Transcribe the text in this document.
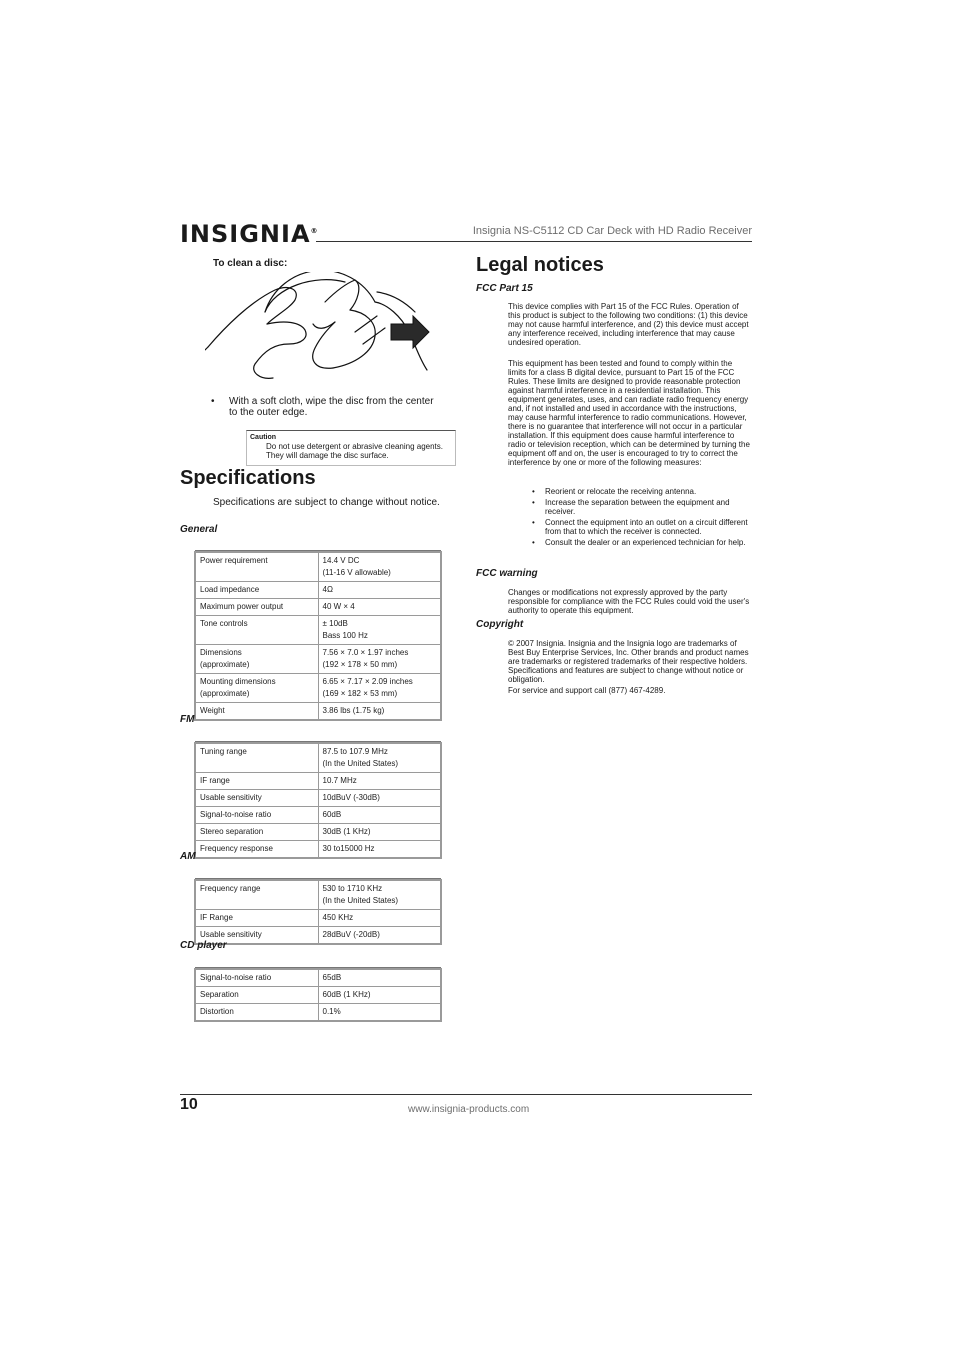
INSIGNIA®	Insignia NS-C5112 CD Car Deck with HD Radio Receiver
To clean a disc:
• With a soft cloth, wipe the disc from the center to the outer edge.
Caution
Do not use detergent or abrasive cleaning agents. They will damage the disc surface.
Specifications
Specifications are subject to change without notice.
General
Power requirement	14.4 V DC
(11-16 V allowable)
Load impedance	4Ω
Maximum power output	40 W × 4
Tone controls	± 10dB
Bass 100 Hz
Dimensions
(approximate)	7.56 × 7.0 × 1.97 inches
(192 × 178 × 50 mm)
Mounting dimensions
(approximate)	6.65 × 7.17 × 2.09 inches
(169 × 182 × 53 mm)
Weight	3.86 lbs (1.75 kg)
FM
Tuning range	87.5 to 107.9 MHz
(In the United States)
IF range	10.7 MHz
Usable sensitivity	10dBuV (-30dB)
Signal-to-noise ratio	60dB
Stereo separation	30dB (1 KHz)
Frequency response	30 to15000 Hz
AM
Frequency range	530 to 1710 KHz
(In the United States)
IF Range	450 KHz
Usable sensitivity	28dBuV (-20dB)
CD player
Signal-to-noise ratio	65dB
Separation	60dB (1 KHz)
Distortion	0.1%
Legal notices
FCC Part 15
This device complies with Part 15 of the FCC Rules. Operation of this product is subject to the following two conditions: (1) this device may not cause harmful interference, and (2) this device must accept any interference received, including interference that may cause undesired operation.
This equipment has been tested and found to comply within the limits for a class B digital device, pursuant to Part 15 of the FCC Rules. These limits are designed to provide reasonable protection against harmful interference in a residential installation. This equipment generates, uses, and can radiate radio frequency energy and, if not installed and used in accordance with the instructions, may cause harmful interference to radio communications. However, there is no guarantee that interference will not occur in a particular installation. If this equipment does cause harmful interference to radio or television reception, which can be determined by turning the equipment off and on, the user is encouraged to try to correct the interference by one or more of the following measures:
• Reorient or relocate the receiving antenna.
• Increase the separation between the equipment and receiver.
• Connect the equipment into an outlet on a circuit different from that to which the receiver is connected.
• Consult the dealer or an experienced technician for help.
FCC warning
Changes or modifications not expressly approved by the party responsible for compliance with the FCC Rules could void the user's authority to operate this equipment.
Copyright
© 2007 Insignia. Insignia and the Insignia logo are trademarks of Best Buy Enterprise Services, Inc. Other brands and product names are trademarks or registered trademarks of their respective holders. Specifications and features are subject to change without notice or obligation.
For service and support call (877) 467-4289.
10	www.insignia-products.com
